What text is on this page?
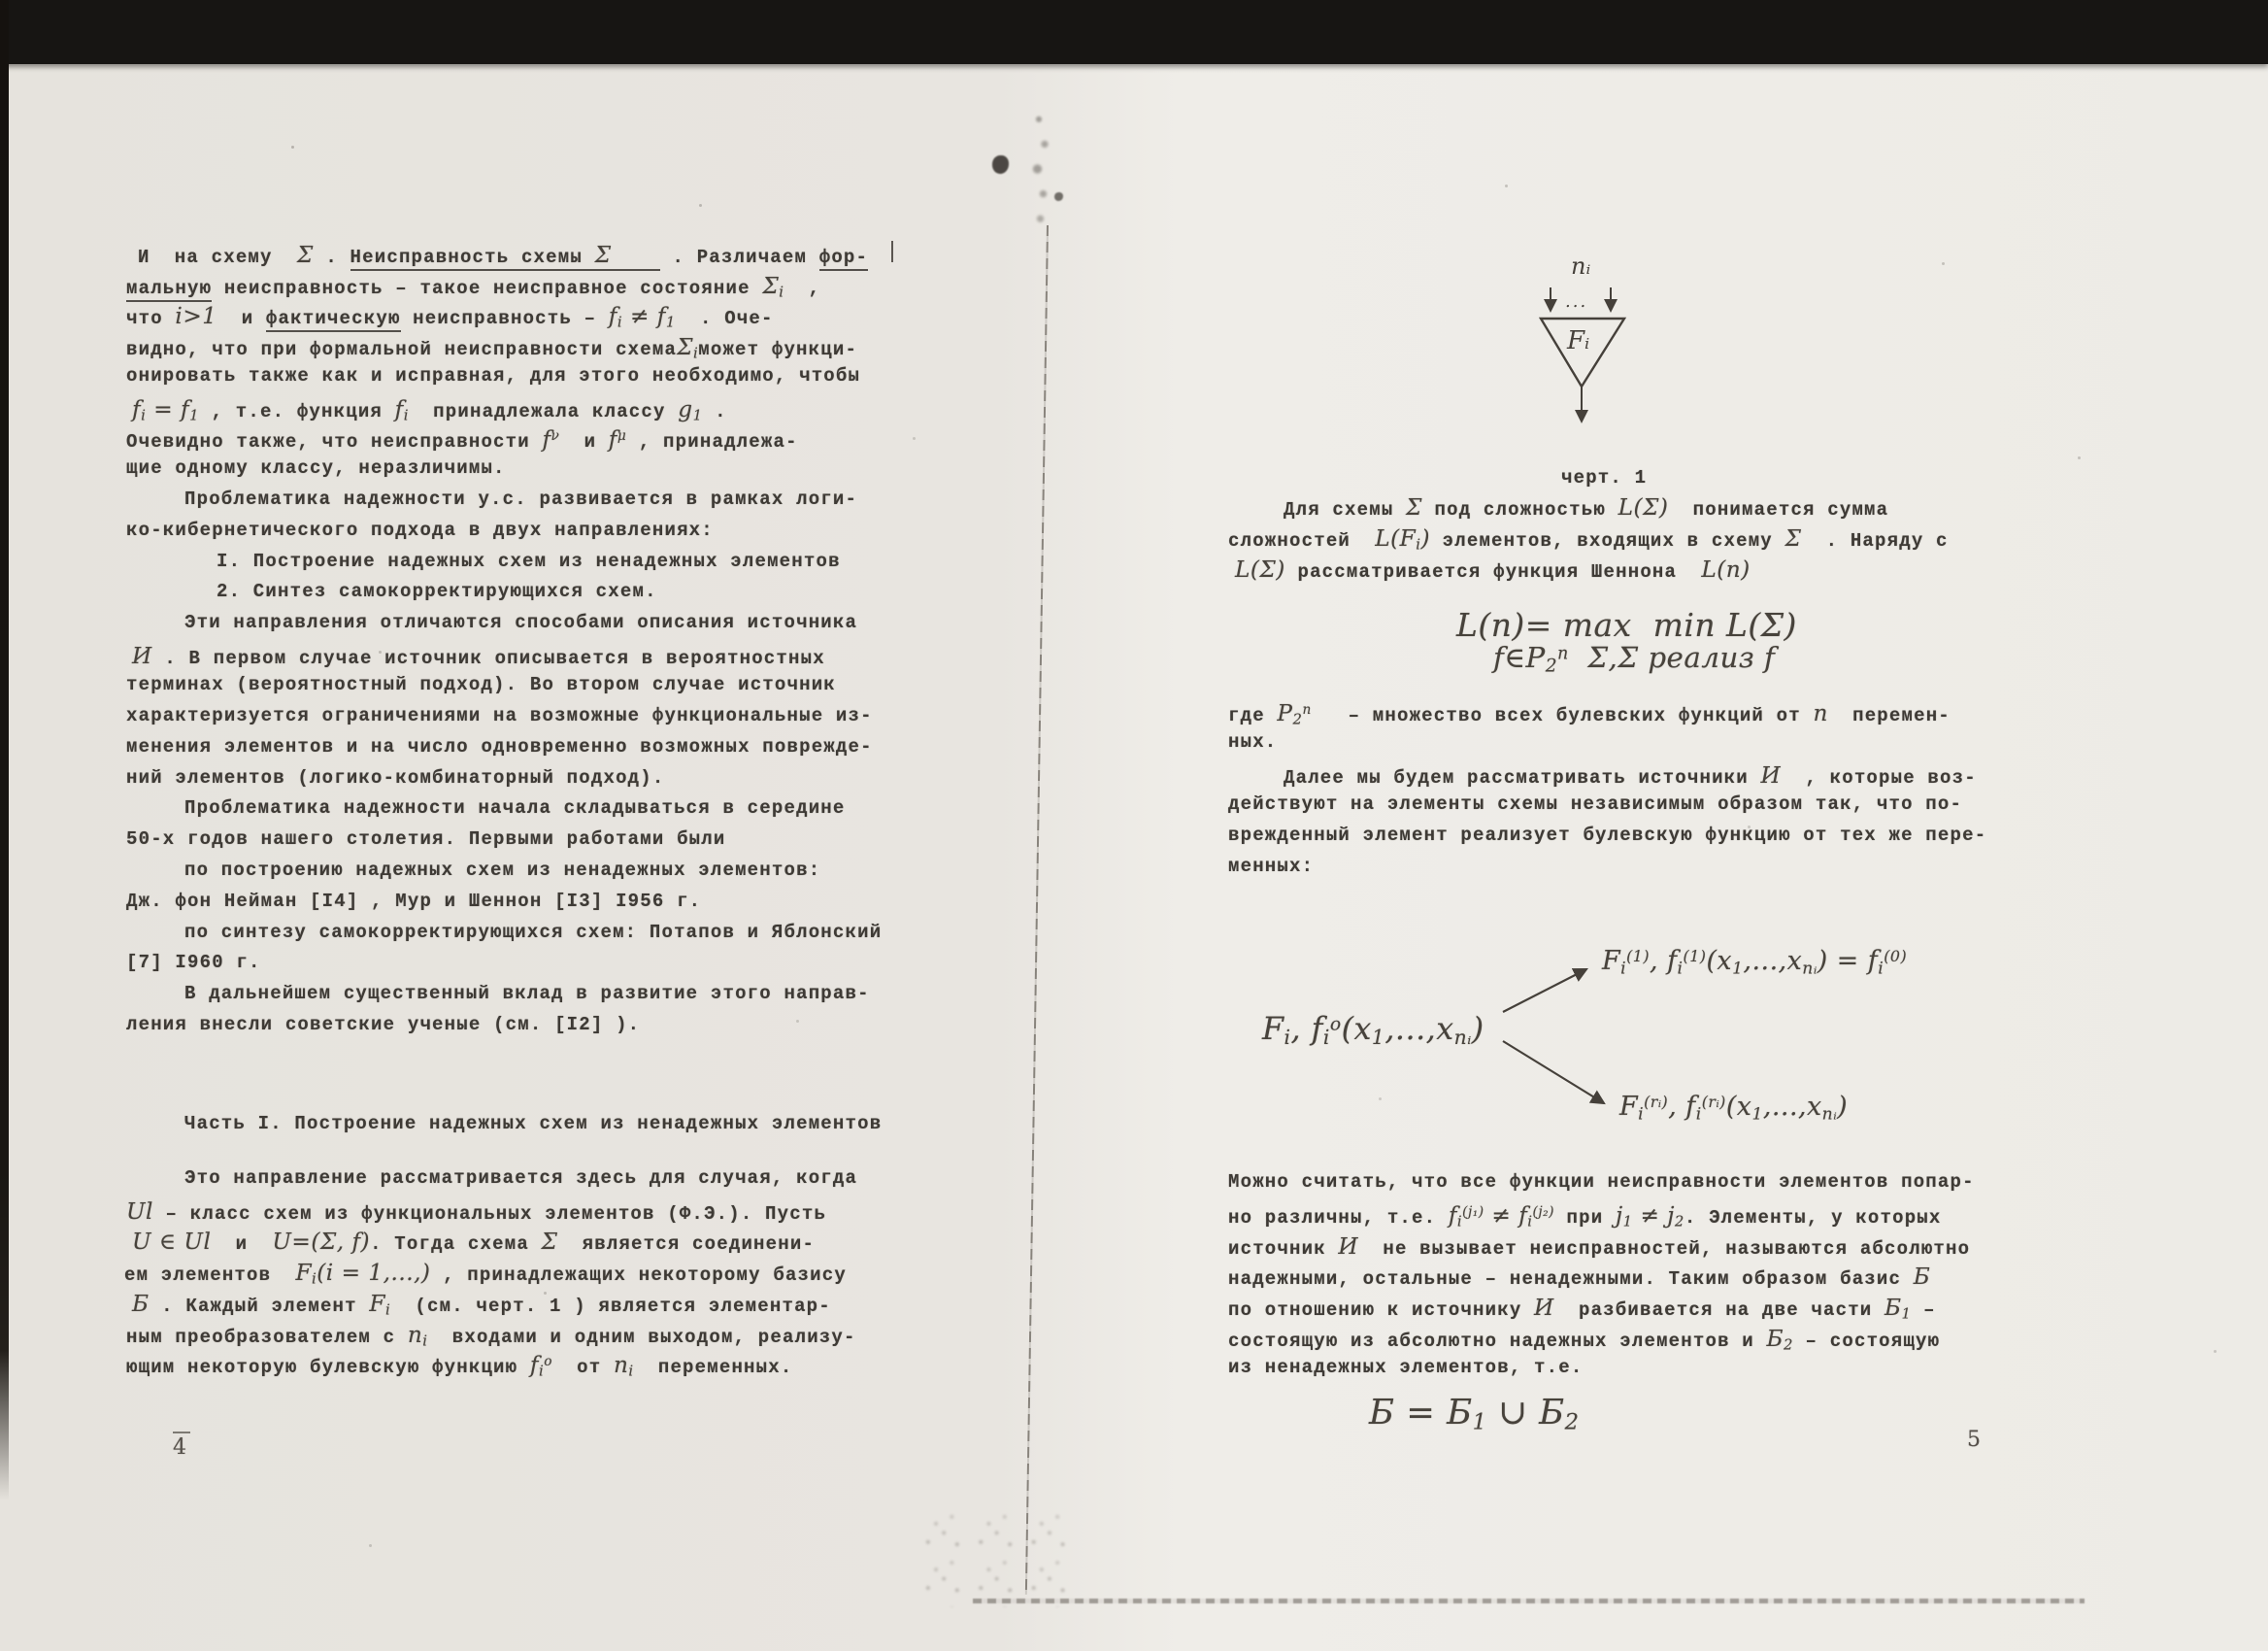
И  на схему  Σ . Неисправность схемы Σ	. Различаем фор-
мальную неисправность – такое неисправное состояние Σi  ,
что i>1  и фактическую неисправность – fi ≠ f1  . Оче-
видно, что при формальной неисправности схемаΣiможет функци-
онировать также как и исправная, для этого необходимо, чтобы
fi = f1 , т.е. функция fi  принадлежала классу g1 .
Очевидно также, что неисправности $f^\nu$  и $f^\mu$ , принадлежа-
щие одному классу, неразличимы.
Проблематика надежности у.с. развивается в рамках логи-
ко-кибернетического подхода в двух направлениях:
I. Построение надежных схем из ненадежных элементов
2. Синтез самокорректирующихся схем.
Эти направления отличаются способами описания источника
И . В первом случае источник описывается в вероятностных
терминах (вероятностный подход). Во втором случае источник
характеризуется ограничениями на возможные функциональные из-
менения элементов и на число одновременно возможных поврежде-
ний элементов (логико-комбинаторный подход).
Проблематика надежности начала складываться в середине
50-х годов нашего столетия. Первыми работами были
по построению надежных схем из ненадежных элементов:
Дж. фон Нейман [I4] , Мур и Шеннон [I3] I956 г.
по синтезу самокорректирующихся схем: Потапов и Яблонский
[7] I960 г.
В дальнейшем существенный вклад в развитие этого направ-
ления внесли советские ученые (см. [I2] ).
Часть I. Построение надежных схем из ненадежных элементов
Это направление рассматривается здесь для случая, когда
Ul – класс схем из функциональных элементов (Ф.Э.). Пусть
U ∈ Ul  и  U=(Σ, f). Тогда схема Σ  является соединени-
ем элементов  Fi(i = 1,...,) , принадлежащих некоторому базису
Б . Каждый элемент Fi  (см. черт. 1 ) является элементар-
ным преобразователем с ni  входами и одним выходом, реализу-
ющим некоторую булевскую функцию $fi^o$  от ni  переменных.
4
Для схемы Σ под сложностью L(Σ)  понимается сумма
сложностей  L(Fi) элементов, входящих в схему Σ  . Наряду с
L(Σ) рассматривается функция Шеннона  L(n)
L(n)= max  min L(Σ)
f∈P2$^n$  Σ,Σ реализ f
где P2$^n$   – множество всех булевских функций от n  перемен-
ных.
Далее мы будем рассматривать источники И  , которые воз-
действуют на элементы схемы независимым образом так, что по-
врежденный элемент реализует булевскую функцию от тех же пере-
менных:
Fi, $fi^o(x1,...,xnᵢ)$
Fi$^{(1)}$, $fi^{(1)}(x1,...,xnᵢ) = fi^{(0)}$
$Fi^{(rᵢ)}$, $fi^{(rᵢ)}(x1,...,xnᵢ)$
Можно считать, что все функции неисправности элементов попар-
но различны, т.е. $fi^{(j_1)} \ne fi^{(j_2)}$ при j1 ≠ j2. Элементы, у которых
источник И  не вызывает неисправностей, называются абсолютно
надежными, остальные – ненадежными. Таким образом базис Б
по отношению к источнику И  разбивается на две части Б1 –
состоящую из абсолютно надежных элементов и Б2 – состоящую
из ненадежных элементов, т.е.
Б = Б1 ∪ Б2
5
nᵢ
...
Fᵢ
черт. 1
